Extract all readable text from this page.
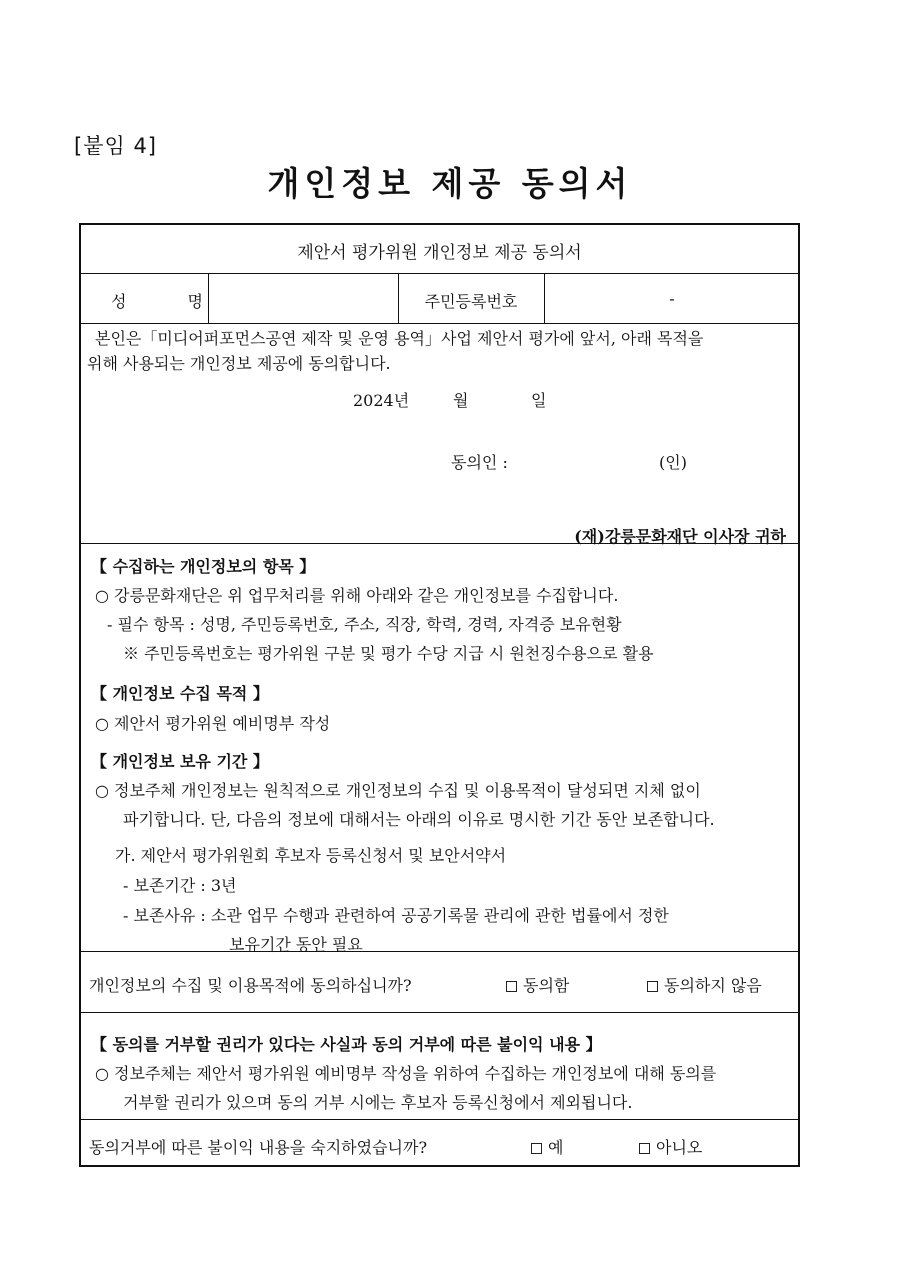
[붙임 4]
개인정보 제공 동의서
제안서 평가위원 개인정보 제공 동의서
성 명	주민등록번호	-
본인은「미디어퍼포먼스공연 제작 및 운영 용역」사업 제안서 평가에 앞서, 아래 목적을
위해 사용되는 개인정보 제공에 동의합니다.
2024년	월	일
동의인 :	(인)
(재)강릉문화재단 이사장 귀하
【 수집하는 개인정보의 항목 】
○ 강릉문화재단은 위 업무처리를 위해 아래와 같은 개인정보를 수집합니다.
- 필수 항목 : 성명, 주민등록번호, 주소, 직장, 학력, 경력, 자격증 보유현황
※ 주민등록번호는 평가위원 구분 및 평가 수당 지급 시 원천징수용으로 활용
【 개인정보 수집 목적 】
○ 제안서 평가위원 예비명부 작성
【 개인정보 보유 기간 】
○ 정보주체 개인정보는 원칙적으로 개인정보의 수집 및 이용목적이 달성되면 지체 없이
파기합니다. 단, 다음의 정보에 대해서는 아래의 이유로 명시한 기간 동안 보존합니다.
가. 제안서 평가위원회 후보자 등록신청서 및 보안서약서
- 보존기간 : 3년
- 보존사유 : 소관 업무 수행과 관련하여 공공기록물 관리에 관한 법률에서 정한
보유기간 동안 필요
개인정보의 수집 및 이용목적에 동의하십니까?	동의함	동의하지 않음
【 동의를 거부할 권리가 있다는 사실과 동의 거부에 따른 불이익 내용 】
○ 정보주체는 제안서 평가위원 예비명부 작성을 위하여 수집하는 개인정보에 대해 동의를
거부할 권리가 있으며 동의 거부 시에는 후보자 등록신청에서 제외됩니다.
동의거부에 따른 불이익 내용을 숙지하였습니까?	예	아니오
